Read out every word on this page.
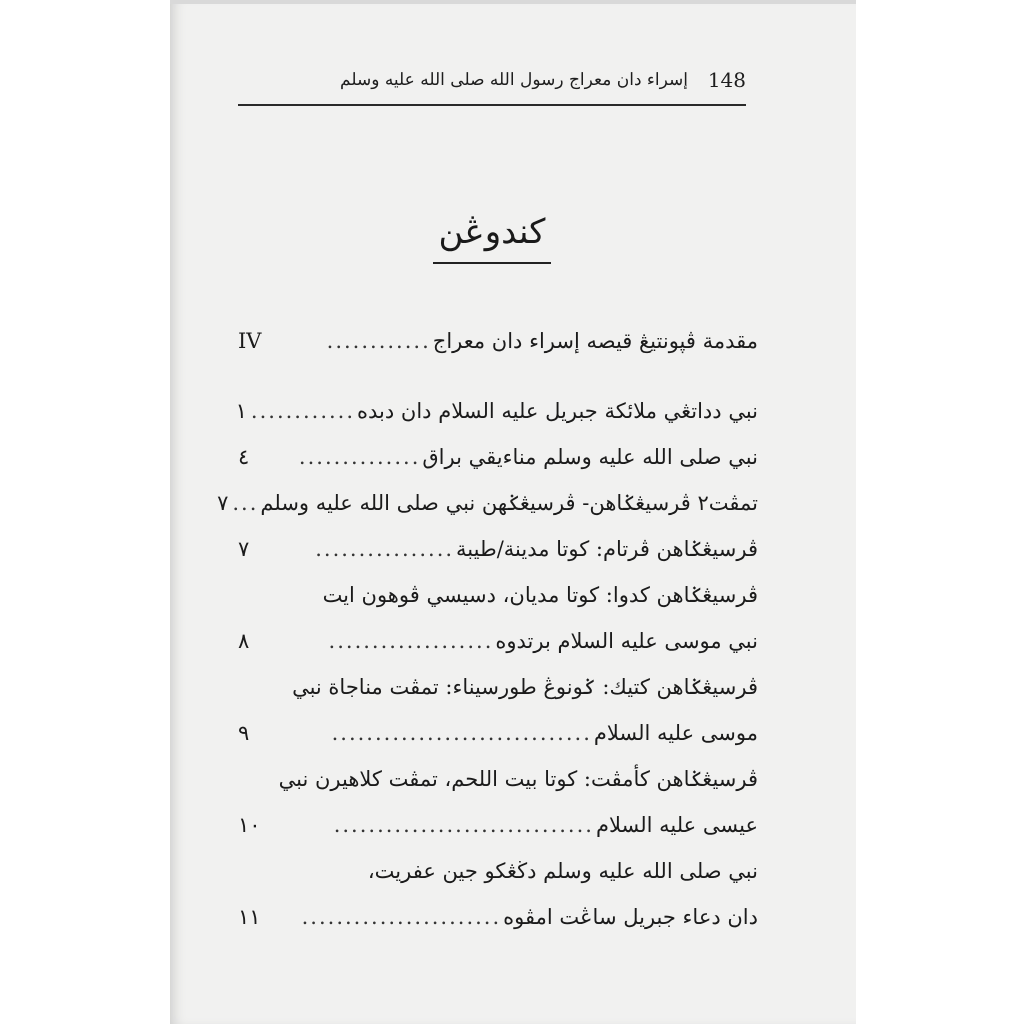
148
إسراء دان معراج رسول الله صلى الله عليه وسلم
كندوڠن
مقدمة ڤڽونتيڠ قيصه إسراء دان معراج
............
IV
نبي دداتڠي ملائكة جبريل عليه السلام دان دبده
............
١
نبي صلى الله عليه وسلم مناءيقي براق
..............
٤
تمڤت٢ ڤرسيڠݢاهن- ڤرسيڠݢهن نبي صلى الله عليه وسلم
...
٧
ڤرسيڠݢاهن ڤرتام: كوتا مدينة/طيبة
................
٧
ڤرسيڠݢاهن كدوا: كوتا مديان، دسيسي ڤوهون ايت
نبي موسى عليه السلام برتدوه
...................
٨
ڤرسيڠݢاهن كتيك: ݢونوڠ طورسيناء: تمڤت مناجاة نبي
موسى عليه السلام
..............................
٩
ڤرسيڠݢاهن كأمڤت: كوتا بيت اللحم، تمڤت كلاهيرن نبي
عيسى عليه السلام
..............................
١٠
نبي صلى الله عليه وسلم دڬڠكو جين عفريت،
دان دعاء جبريل ساڠت امڤوه
.......................
١١
